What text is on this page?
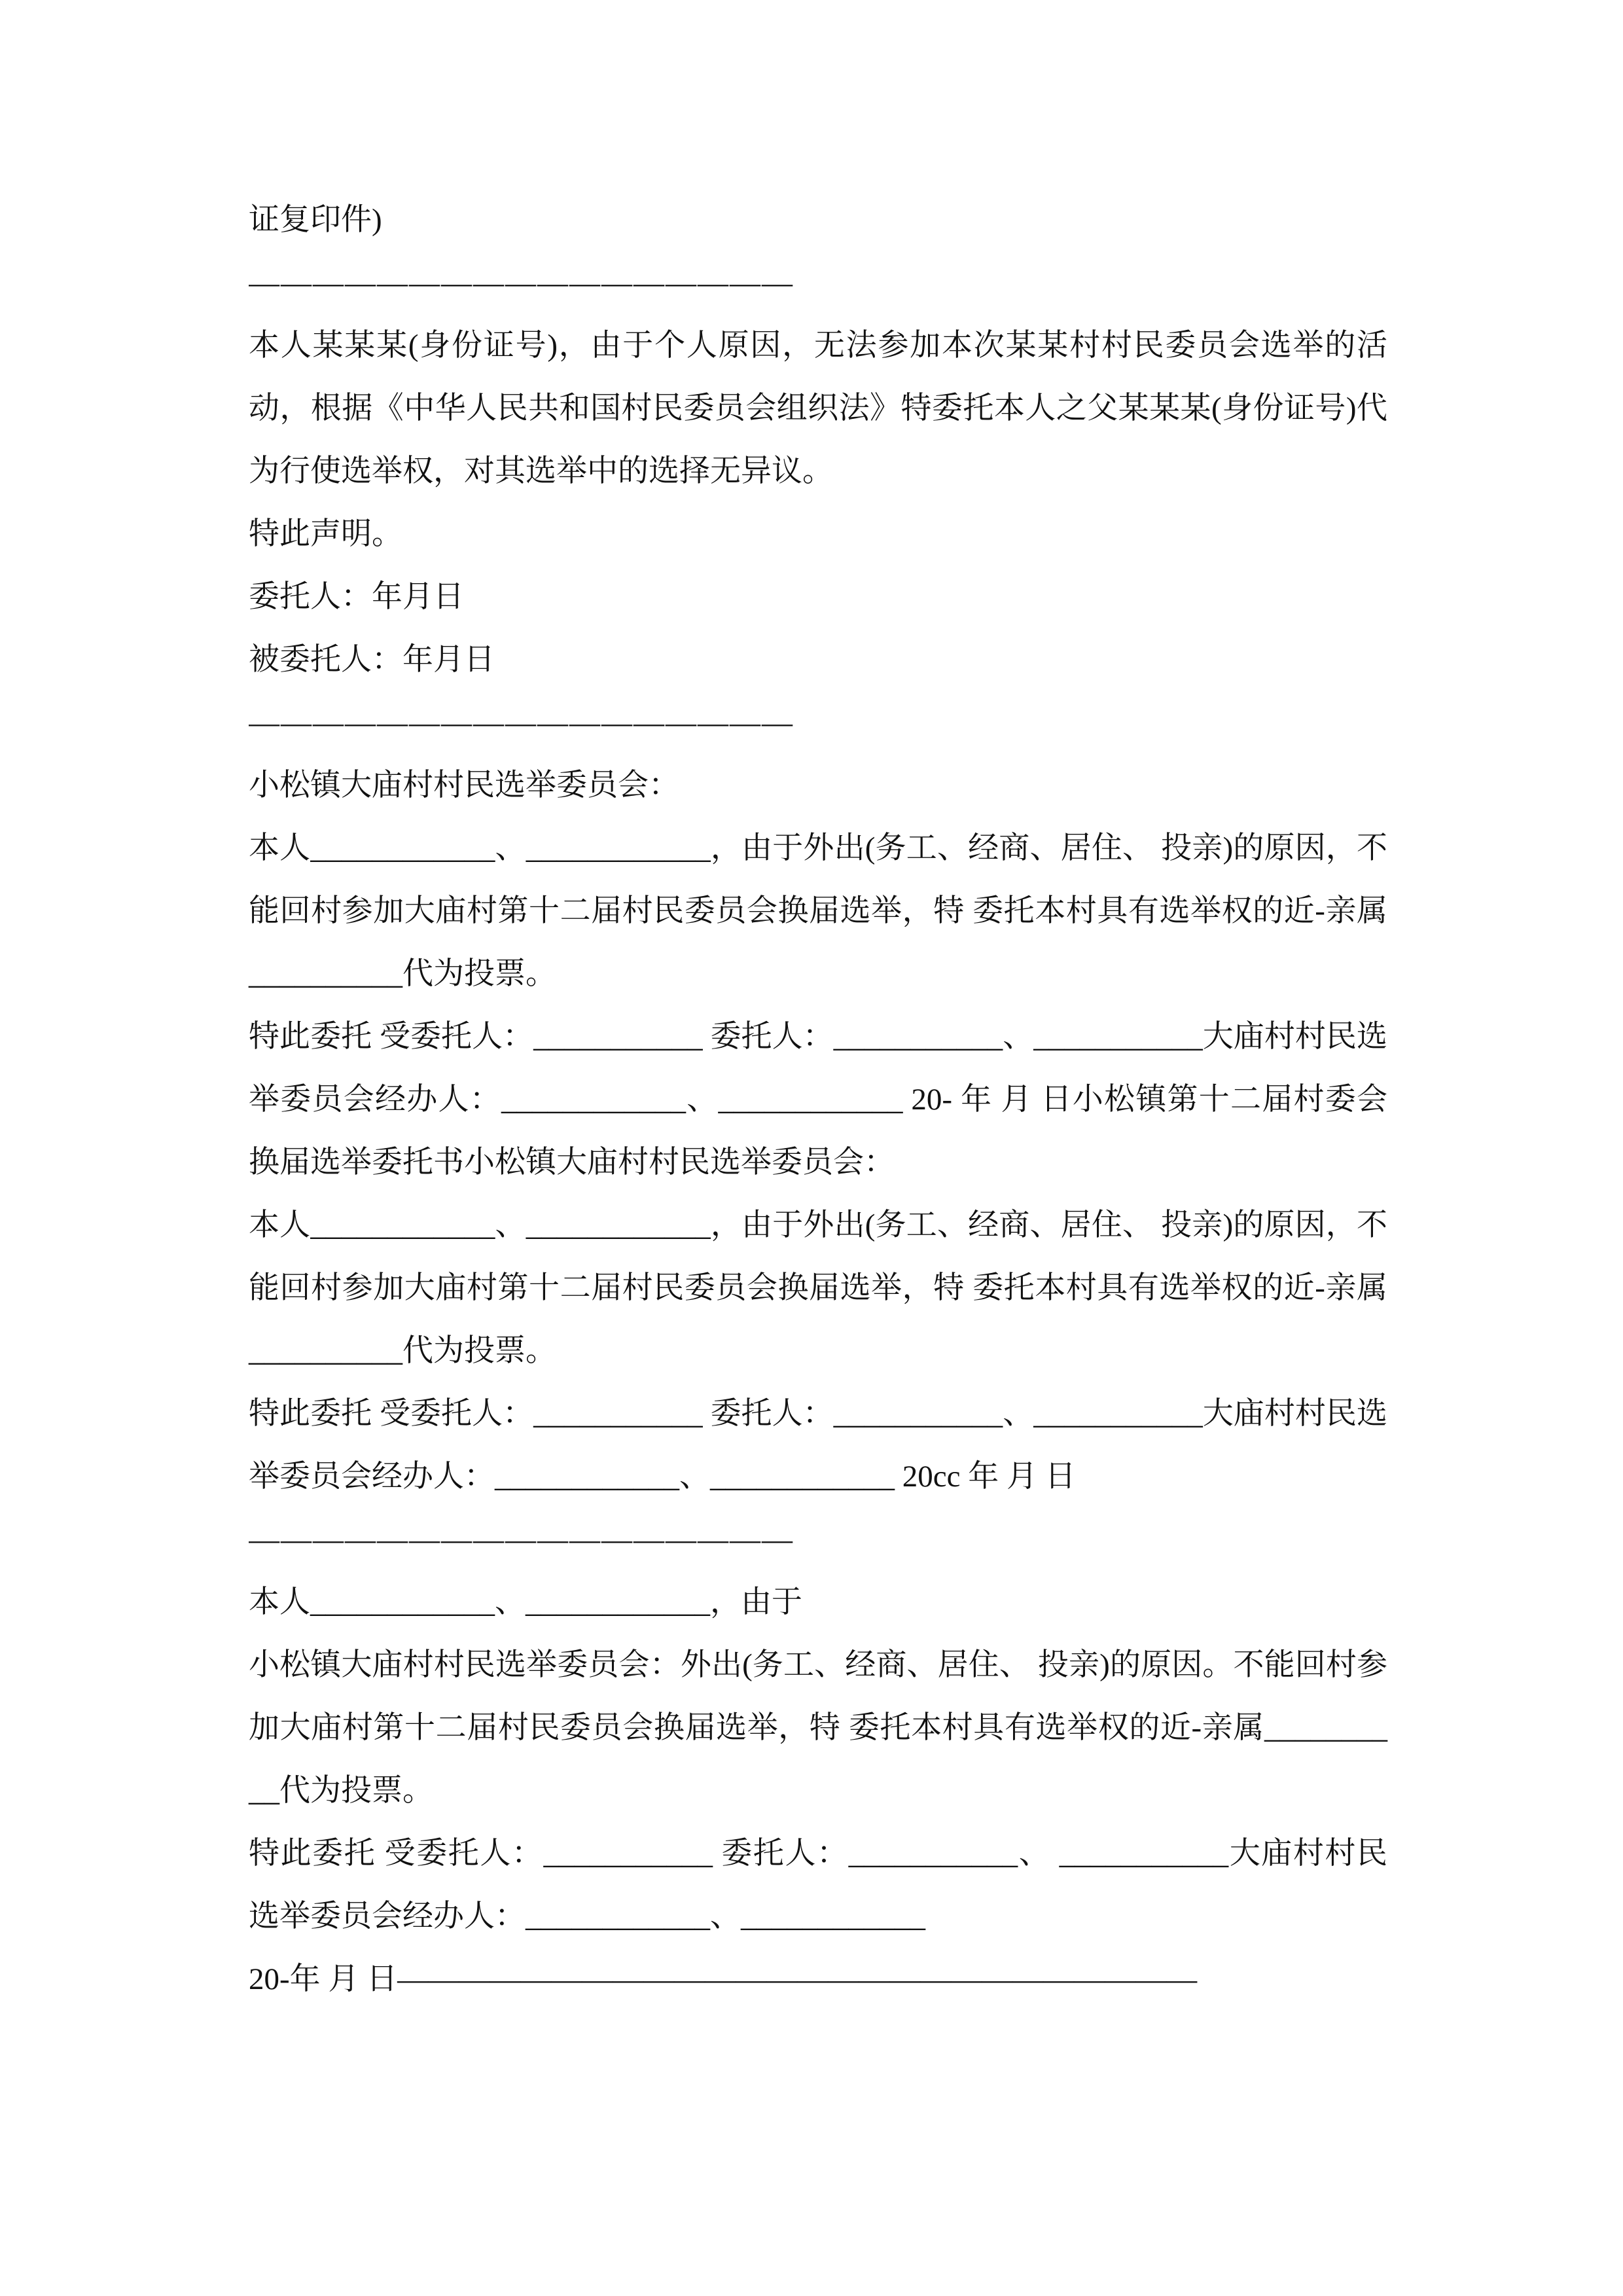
证复印件)

—————————————————

本人某某某(身份证号)，由于个人原因，无法参加本次某某村村民委员会选举的活动，根据《中华人民共和国村民委员会组织法》特委托本人之父某某某(身份证号)代为行使选举权，对其选举中的选择无异议。

特此声明。

委托人：年月日

被委托人：年月日

—————————————————

小松镇大庙村村民选举委员会：

本人____________、____________，由于外出(务工、经商、居住、 投亲)的原因，不能回村参加大庙村第十二届村民委员会换届选举，特 委托本村具有选举权的近-亲属__________代为投票。

特此委托 受委托人：___________ 委托人：___________、___________大庙村村民选举委员会经办人：____________、____________ 20- 年 月 日小松镇第十二届村委会换届选举委托书小松镇大庙村村民选举委员会：

本人____________、____________，由于外出(务工、经商、居住、 投亲)的原因，不能回村参加大庙村第十二届村民委员会换届选举，特 委托本村具有选举权的近-亲属__________代为投票。

特此委托 受委托人：___________ 委托人：___________、___________大庙村村民选举委员会经办人：____________、____________ 20cc 年 月 日

—————————————————

本人____________、____________，由于

小松镇大庙村村民选举委员会：外出(务工、经商、居住、 投亲)的原因。不能回村参加大庙村第十二届村民委员会换届选举，特 委托本村具有选举权的近-亲属__________代为投票。

特此委托 受委托人：___________ 委托人：___________、 ___________大庙村村民选举委员会经办人：____________、____________

20-年 月 日——————————————————————————
